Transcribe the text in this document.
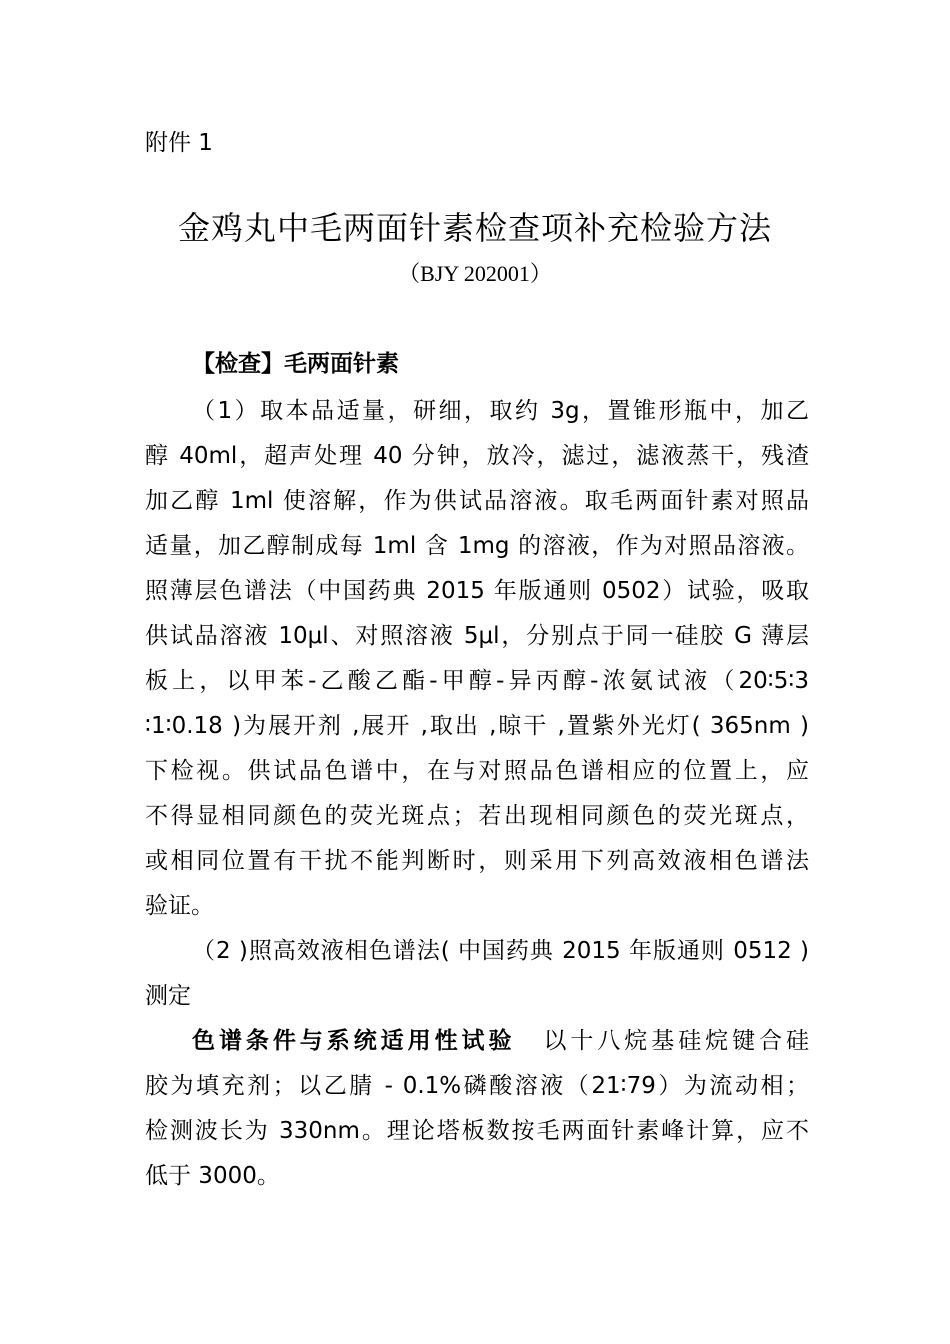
附件 1
金鸡丸中毛两面针素检查项补充检验方法
（BJY 202001）
【检查】毛两面针素
（1）取本品适量，研细，取约 3g，置锥形瓶中，加乙
醇 40ml，超声处理 40 分钟，放冷，滤过，滤液蒸干，残渣
加乙醇 1ml 使溶解，作为供试品溶液。取毛两面针素对照品
适量，加乙醇制成每 1ml 含 1mg 的溶液，作为对照品溶液。
照薄层色谱法（中国药典 2015 年版通则 0502）试验，吸取
供试品溶液 10μl、对照溶液 5μl，分别点于同一硅胶 G 薄层
板上，以甲苯-乙酸乙酯-甲醇-异丙醇-浓氨试液（20∶5∶3
∶1∶0.18 )为展开剂 ,展开 ,取出 ,晾干 ,置紫外光灯( 365nm )
下检视。供试品色谱中，在与对照品色谱相应的位置上，应
不得显相同颜色的荧光斑点；若出现相同颜色的荧光斑点，
或相同位置有干扰不能判断时，则采用下列高效液相色谱法
验证。
（2 )照高效液相色谱法( 中国药典 2015 年版通则 0512 )
测定
色谱条件与系统适用性试验 以十八烷基硅烷键合硅
胶为填充剂；以乙腈 - 0.1%磷酸溶液（21∶79）为流动相；
检测波长为 330nm。理论塔板数按毛两面针素峰计算，应不
低于 3000。
